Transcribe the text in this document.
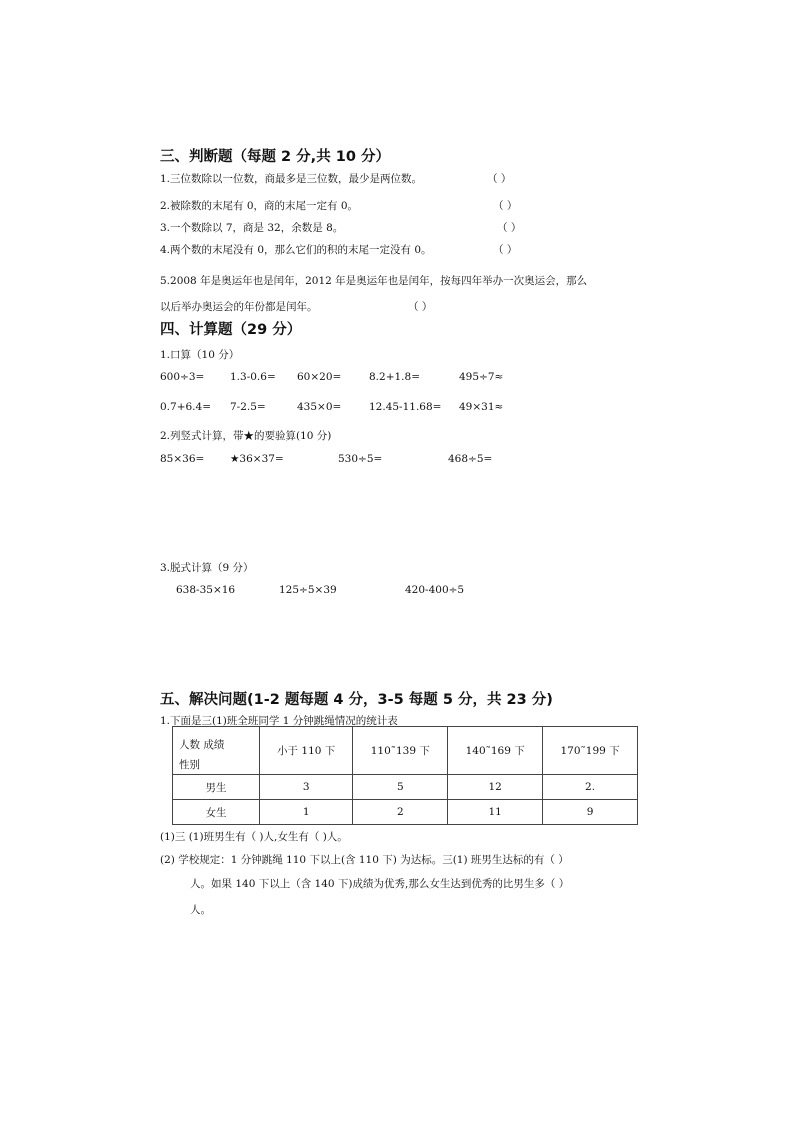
三、判断题（每题 2 分,共 10 分）
1.三位数除以一位数，商最多是三位数，最少是两位数。	（ ）
2.被除数的末尾有 0，商的末尾一定有 0。	（ ）
3.一个数除以 7，商是 32，余数是 8。	（ ）
4.两个数的末尾没有 0，那么它们的积的末尾一定没有 0。	（ ）
5.2008 年是奥运年也是闰年，2012 年是奥运年也是闰年，按每四年举办一次奥运会，那么
以后举办奥运会的年份都是闰年。	（ ）
四、计算题（29 分）
1.口算（10 分）
600÷3= 1.3-0.6= 60×20=	8.2+1.8=	495÷7≈
0.7+6.4= 7-2.5=	435×0=	12.45-11.68= 49×31≈
2.列竖式计算，带★的要验算(10 分)
85×36= ★36×37=	530÷5=	468÷5=
3.脱式计算（9 分）
638-35×16	125÷5×39	420-400÷5
五、解决问题(1-2 题每题 4 分，3-5 每题 5 分，共 23 分)
1.下面是三(1)班全班同学 1 分钟跳绳情况的统计表
人数 成绩
性别	小于 110 下	110˜139 下	140˜169 下	170˜199 下
男生	3	5	12	2.
女生	1	2	11	9
(1)三 (1)班男生有（ )人,女生有（ )人。
(2) 学校规定：1 分钟跳绳 110 下以上(含 110 下) 为达标。三(1) 班男生达标的有（ ）
人。如果 140 下以上（含 140 下)成绩为优秀,那么女生达到优秀的比男生多（ ）
人。
